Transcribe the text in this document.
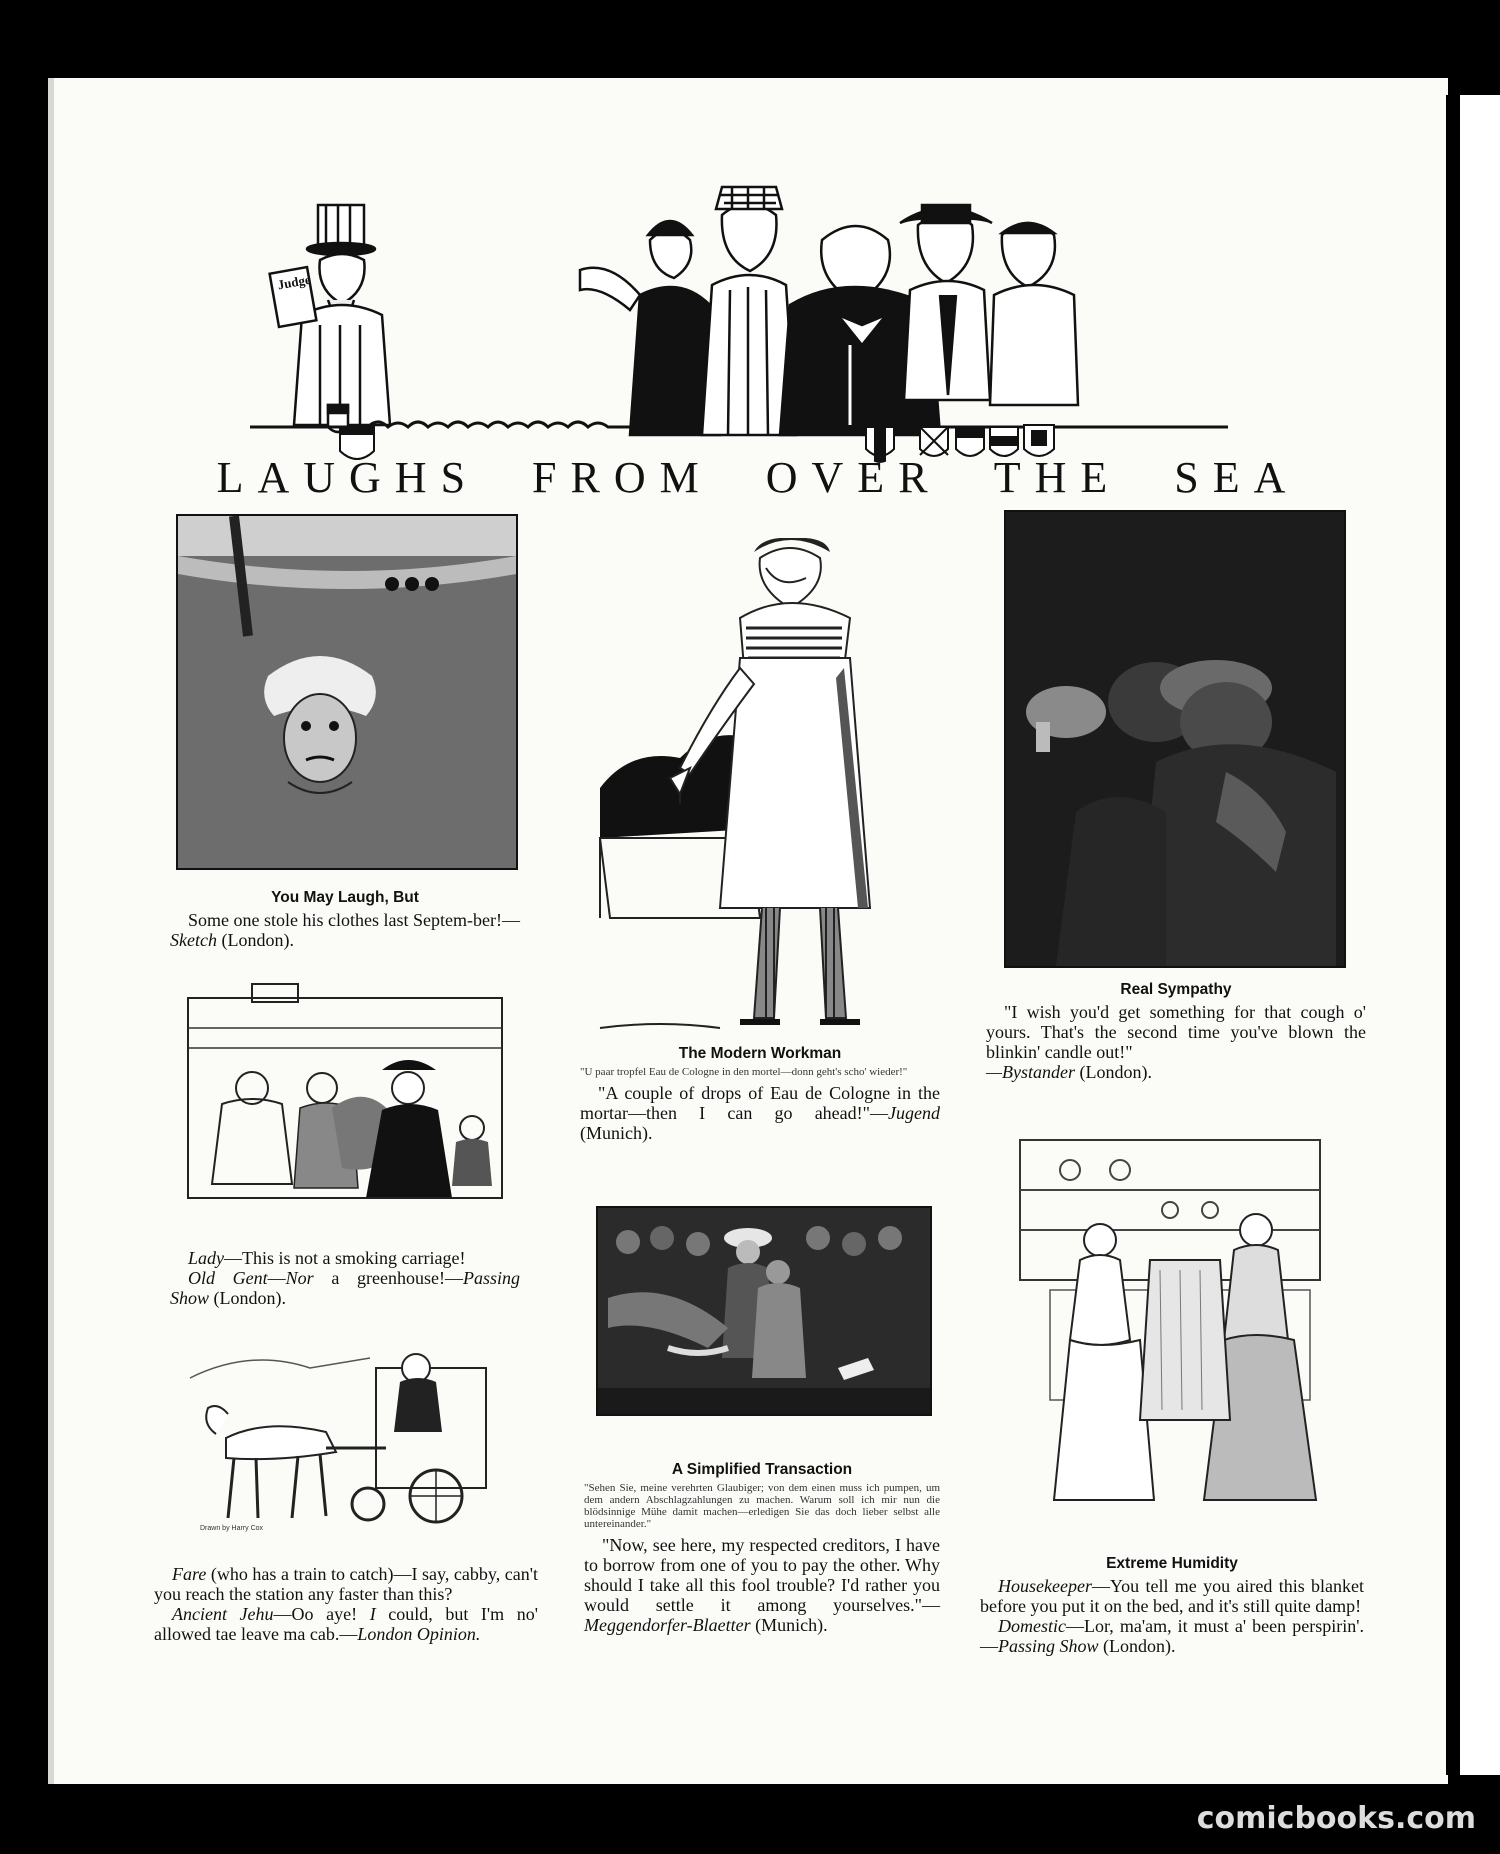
comicbooks.com
Judge
LAUGHS FROM OVER THE SEA
You May Laugh, But
Some one stole his clothes last Septem-ber!—Sketch (London).
Lady—This is not a smoking carriage!
Old Gent—Nor a greenhouse!—Passing Show (London).
Drawn by Harry Cox
Fare (who has a train to catch)—I say, cabby, can't you reach the station any faster than this?
Ancient Jehu—Oo aye! I could, but I'm no' allowed tae leave ma cab.—London Opinion.
The Modern Workman
"U paar tropfel Eau de Cologne in den mortel—donn geht's scho' wieder!"
"A couple of drops of Eau de Cologne in the mortar—then I can go ahead!"—Jugend (Munich).
A Simplified Transaction
"Sehen Sie, meine verehrten Glaubiger; von dem einen muss ich pumpen, um dem andern Abschlagzahlungen zu machen. Warum soll ich mir nun die blödsinnige Mühe damit machen—erledigen Sie das doch lieber selbst alle untereinander."
"Now, see here, my respected creditors, I have to borrow from one of you to pay the other. Why should I take all this fool trouble? I'd rather you would settle it among yourselves."—Meggendorfer-Blaetter (Munich).
Real Sympathy
"I wish you'd get something for that cough o' yours. That's the second time you've blown the blinkin' candle out!"
—Bystander (London).
Extreme Humidity
Housekeeper—You tell me you aired this blanket before you put it on the bed, and it's still quite damp!
Domestic—Lor, ma'am, it must a' been perspirin'.—Passing Show (London).
